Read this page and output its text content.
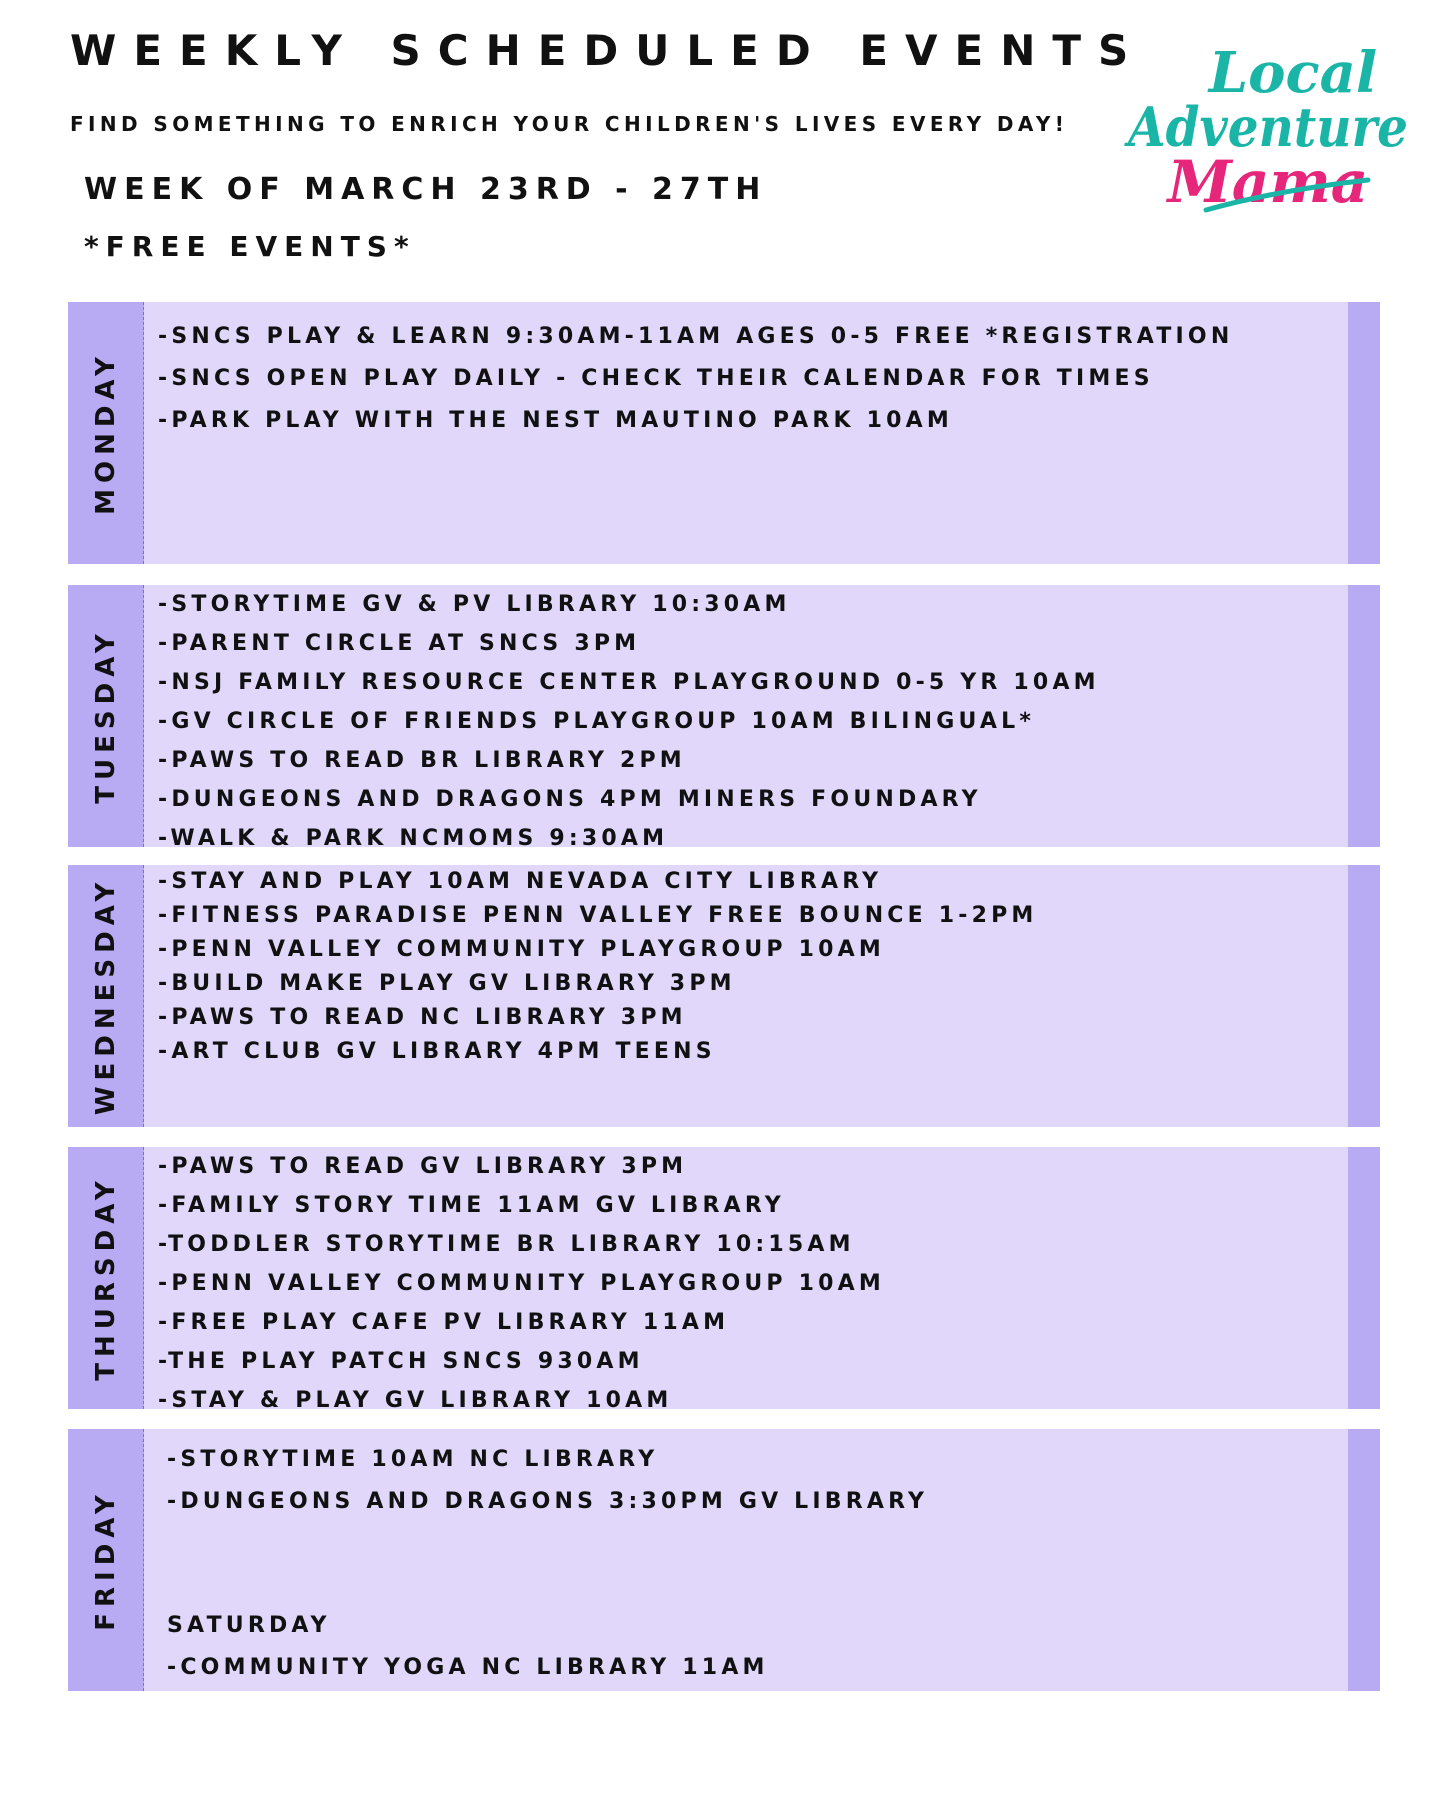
WEEKLY SCHEDULED EVENTS
FIND SOMETHING TO ENRICH YOUR CHILDREN'S LIVES EVERY DAY!
WEEK OF MARCH 23RD - 27TH
*FREE EVENTS*
Local
Adventure
Mama
MONDAY
-SNCS PLAY & LEARN 9:30AM-11AM AGES 0-5 FREE *REGISTRATION
-SNCS OPEN PLAY DAILY - CHECK THEIR CALENDAR FOR TIMES
-PARK PLAY WITH THE NEST MAUTINO PARK 10AM
TUESDAY
-STORYTIME GV & PV LIBRARY 10:30AM
-PARENT CIRCLE AT SNCS 3PM
-NSJ FAMILY RESOURCE CENTER PLAYGROUND 0-5 YR 10AM
-GV CIRCLE OF FRIENDS PLAYGROUP 10AM BILINGUAL*
-PAWS TO READ BR LIBRARY 2PM
-DUNGEONS AND DRAGONS 4PM MINERS FOUNDARY
-WALK & PARK NCMOMS 9:30AM
WEDNESDAY -STAY AND PLAY 10AM NEVADA CITY LIBRARY
-FITNESS PARADISE PENN VALLEY FREE BOUNCE 1-2PM
-PENN VALLEY COMMUNITY PLAYGROUP 10AM
-BUILD MAKE PLAY GV LIBRARY 3PM
-PAWS TO READ NC LIBRARY 3PM
-ART CLUB GV LIBRARY 4PM TEENS
THURSDAY
-PAWS TO READ GV LIBRARY 3PM
-FAMILY STORY TIME 11AM GV LIBRARY
-TODDLER STORYTIME BR LIBRARY 10:15AM
-PENN VALLEY COMMUNITY PLAYGROUP 10AM
-FREE PLAY CAFE PV LIBRARY 11AM
-THE PLAY PATCH SNCS 930AM
-STAY & PLAY GV LIBRARY 10AM
FRIDAY
-STORYTIME 10AM NC LIBRARY
-DUNGEONS AND DRAGONS 3:30PM GV LIBRARY
SATURDAY
-COMMUNITY YOGA NC LIBRARY 11AM
